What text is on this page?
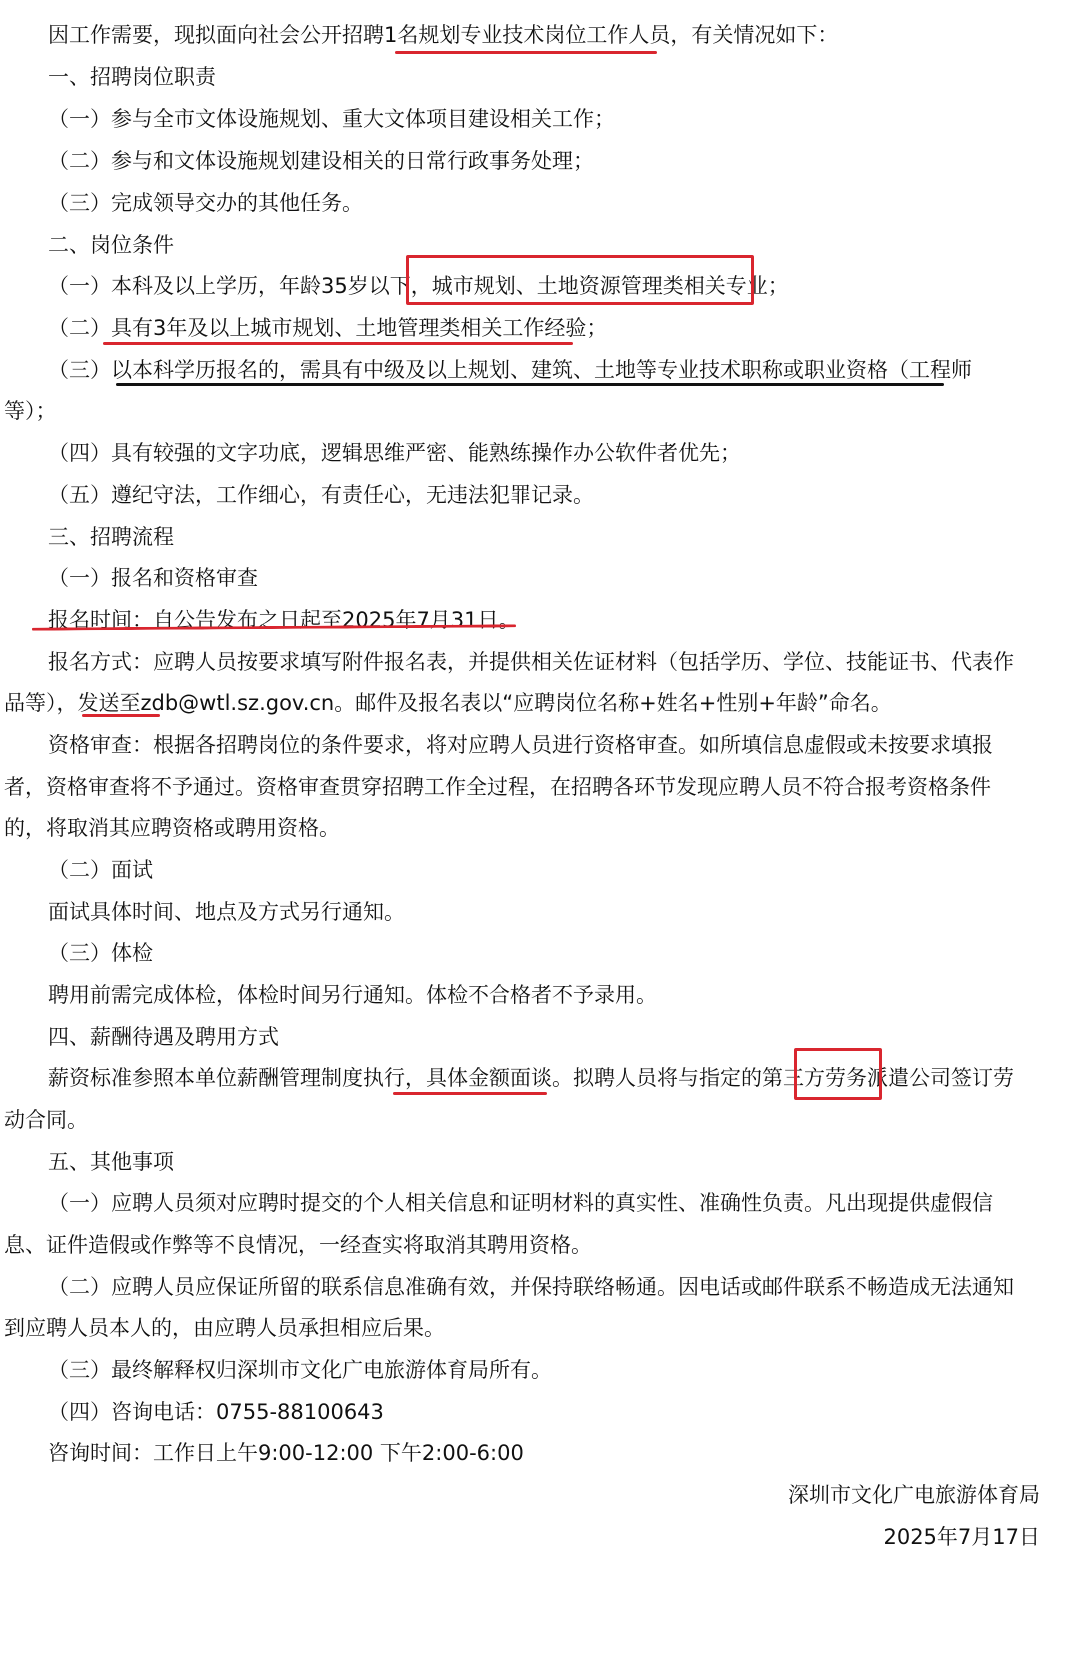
因工作需要，现拟面向社会公开招聘1名规划专业技术岗位工作人员，有关情况如下：
一、招聘岗位职责
（一）参与全市文体设施规划、重大文体项目建设相关工作；
（二）参与和文体设施规划建设相关的日常行政事务处理；
（三）完成领导交办的其他任务。
二、岗位条件
（一）本科及以上学历，年龄35岁以下，城市规划、土地资源管理类相关专业；
（二）具有3年及以上城市规划、土地管理类相关工作经验；
（三）以本科学历报名的，需具有中级及以上规划、建筑、土地等专业技术职称或职业资格（工程师
等）；
（四）具有较强的文字功底，逻辑思维严密、能熟练操作办公软件者优先；
（五）遵纪守法，工作细心，有责任心，无违法犯罪记录。
三、招聘流程
（一）报名和资格审查
报名时间：自公告发布之日起至2025年7月31日。
报名方式：应聘人员按要求填写附件报名表，并提供相关佐证材料（包括学历、学位、技能证书、代表作
品等），发送至zdb@wtl.sz.gov.cn。邮件及报名表以“应聘岗位名称+姓名+性别+年龄”命名。
资格审查：根据各招聘岗位的条件要求，将对应聘人员进行资格审查。如所填信息虚假或未按要求填报
者，资格审查将不予通过。资格审查贯穿招聘工作全过程，在招聘各环节发现应聘人员不符合报考资格条件
的，将取消其应聘资格或聘用资格。
（二）面试
面试具体时间、地点及方式另行通知。
（三）体检
聘用前需完成体检，体检时间另行通知。体检不合格者不予录用。
四、薪酬待遇及聘用方式
薪资标准参照本单位薪酬管理制度执行，具体金额面谈。拟聘人员将与指定的第三方劳务派遣公司签订劳
动合同。
五、其他事项
（一）应聘人员须对应聘时提交的个人相关信息和证明材料的真实性、准确性负责。凡出现提供虚假信
息、证件造假或作弊等不良情况，一经查实将取消其聘用资格。
（二）应聘人员应保证所留的联系信息准确有效，并保持联络畅通。因电话或邮件联系不畅造成无法通知
到应聘人员本人的，由应聘人员承担相应后果。
（三）最终解释权归深圳市文化广电旅游体育局所有。
（四）咨询电话：0755-88100643
咨询时间：工作日上午9:00-12:00 下午2:00-6:00
深圳市文化广电旅游体育局
2025年7月17日
